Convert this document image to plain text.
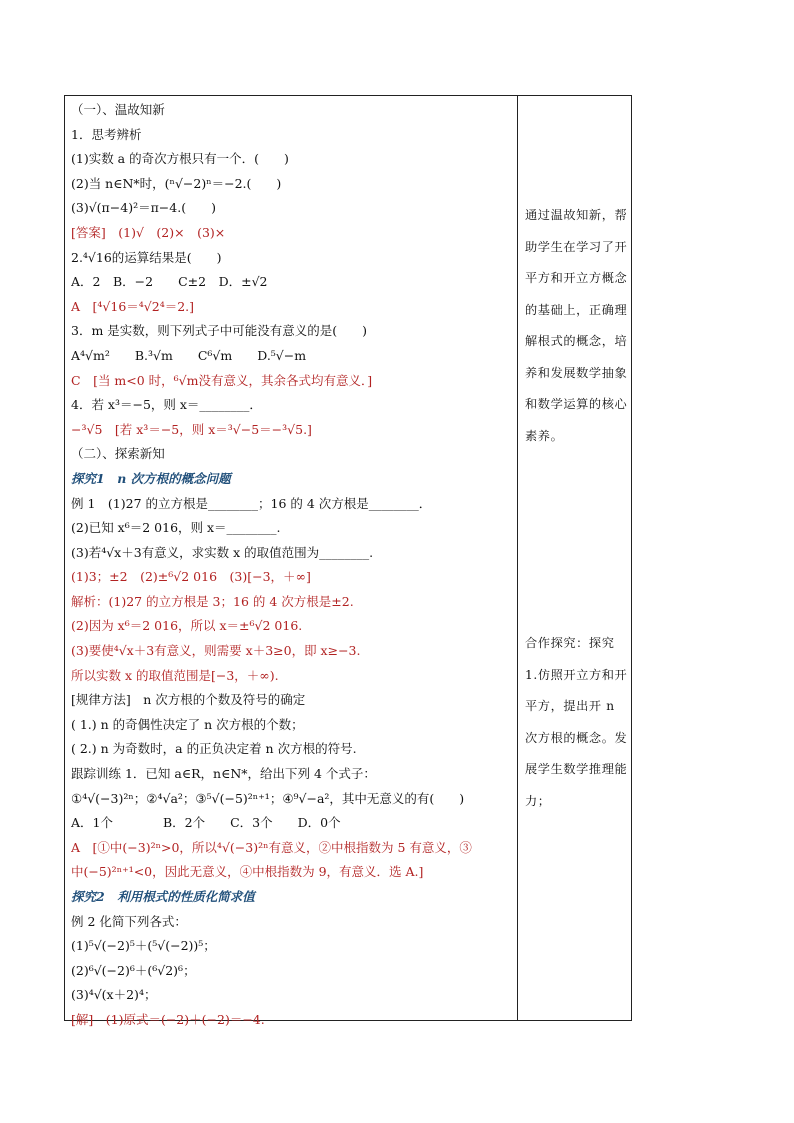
（一）、温故知新
1．思考辨析
(1)实数 a 的奇次方根只有一个．(　　)
(2)当 n∈N*时，(ⁿ√−2)ⁿ＝−2.(　　)
(3)√(π−4)²＝π−4.(　　)
[答案]　(1)√　(2)×　(3)×
2.⁴√16的运算结果是(　　)
A．2　B．−2　　C±2　D．±√2
A　[⁴√16＝⁴√2⁴＝2.]
3．m 是实数，则下列式子中可能没有意义的是(　　)
A⁴√m²　　B.³√m　　C⁶√m　　D.⁵√−m
C　[当 m<0 时，⁶√m没有意义，其余各式均有意义．]
4．若 x³＝−5，则 x＝________．
−³√5　[若 x³＝−5，则 x＝³√−5＝−³√5.]
（二）、探索新知
探究1　n 次方根的概念问题
例 1　(1)27 的立方根是________；16 的 4 次方根是________．
(2)已知 x⁶＝2 016，则 x＝________.
(3)若⁴√x＋3有意义，求实数 x 的取值范围为________.
(1)3；±2　(2)±⁶√2 016　(3)[−3，＋∞]
解析：(1)27 的立方根是 3；16 的 4 次方根是±2.
(2)因为 x⁶＝2 016，所以 x＝±⁶√2 016.
(3)要使⁴√x＋3有意义，则需要 x＋3≥0，即 x≥−3.
所以实数 x 的取值范围是[−3，＋∞).
[规律方法]　n 次方根的个数及符号的确定
( 1.) n 的奇偶性决定了 n 次方根的个数；
( 2.) n 为奇数时，a 的正负决定着 n 次方根的符号.
跟踪训练 1．已知 a∈R，n∈N*，给出下列 4 个式子：
①⁴√(−3)²ⁿ；②⁴√a²；③⁵√(−5)²ⁿ⁺¹；④⁹√−a²，其中无意义的有(　　)
A．1个　　　　B．2个　　C．3个　　D．0个
A　[①中(−3)²ⁿ>0，所以⁴√(−3)²ⁿ有意义，②中根指数为 5 有意义，③
中(−5)²ⁿ⁺¹<0，因此无意义，④中根指数为 9，有意义．选 A.]
探究2　利用根式的性质化简求值
例 2 化简下列各式：
(1)⁵√(−2)⁵＋(⁵√(−2))⁵；
(2)⁶√(−2)⁶＋(⁶√2)⁶；
(3)⁴√(x＋2)⁴；
[解]　(1)原式＝(−2)＋(−2)＝−4.
通过温故知新，帮助学生在学习了开平方和开立方概念的基础上，正确理解根式的概念，培养和发展数学抽象和数学运算的核心素养。
合作探究：探究 1.仿照开立方和开平方，提出开 n 次方根的概念。发展学生数学推理能力；
